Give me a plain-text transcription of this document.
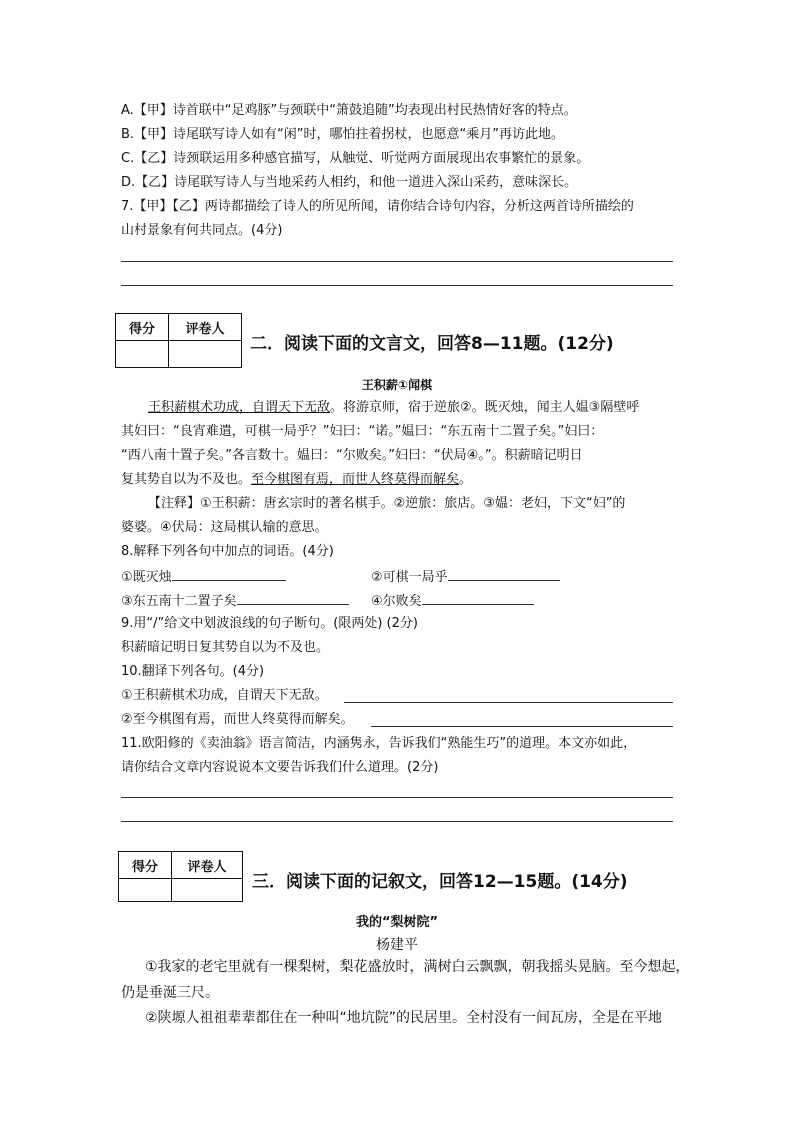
A.【甲】诗首联中“足鸡豚”与颈联中“箫鼓追随”均表现出村民热情好客的特点。
B.【甲】诗尾联写诗人如有“闲”时，哪怕拄着拐杖，也愿意“乘月”再访此地。
C.【乙】诗颈联运用多种感官描写，从触觉、听觉两方面展现出农事繁忙的景象。
D.【乙】诗尾联写诗人与当地采药人相约，和他一道进入深山采药，意味深长。
7.【甲】【乙】两诗都描绘了诗人的所见所闻，请你结合诗句内容，分析这两首诗所描绘的
山村景象有何共同点。(4分)
得分	评卷人

二．阅读下面的文言文，回答8—11题。(12分)
王积薪①闻棋
王积薪棋术功成，自谓天下无敌。将游京师，宿于逆旅②。既灭烛，闻主人媪③隔壁呼
其妇曰：“良宵难遣，可棋一局乎？”妇曰：“诺。”媪曰：“东五南十二置子矣。”妇曰：
“西八南十置子矣。”各言数十。媪曰：“尔败矣。”妇曰：“伏局④。”。积薪暗记明日
复其势自以为不及也。至今棋图有焉，而世人终莫得而解矣。
【注释】①王积薪：唐玄宗时的著名棋手。②逆旅：旅店。③媪：老妇，下文“妇”的
婆婆。④伏局：这局棋认输的意思。
8.解释下列各句中加点的词语。(4分)
①既灭烛	②可棋一局乎
③东五南十二置子矣	④尔败矣
9.用“/”给文中划波浪线的句子断句。(限两处) (2分)
积薪暗记明日复其势自以为不及也。
10.翻译下列各句。(4分)
①王积薪棋术功成，自谓天下无敌。
②至今棋图有焉，而世人终莫得而解矣。
11.欧阳修的《卖油翁》语言简洁，内涵隽永，告诉我们“熟能生巧”的道理。本文亦如此，
请你结合文章内容说说本文要告诉我们什么道理。(2分)
得分	评卷人

三．阅读下面的记叙文，回答12—15题。(14分)
我的“梨树院”
杨建平
①我家的老宅里就有一棵梨树，梨花盛放时，满树白云飘飘，朝我摇头晃脑。至今想起，
仍是垂涎三尺。
②陕塬人祖祖辈辈都住在一种叫“地坑院”的民居里。全村没有一间瓦房，全是在平地
